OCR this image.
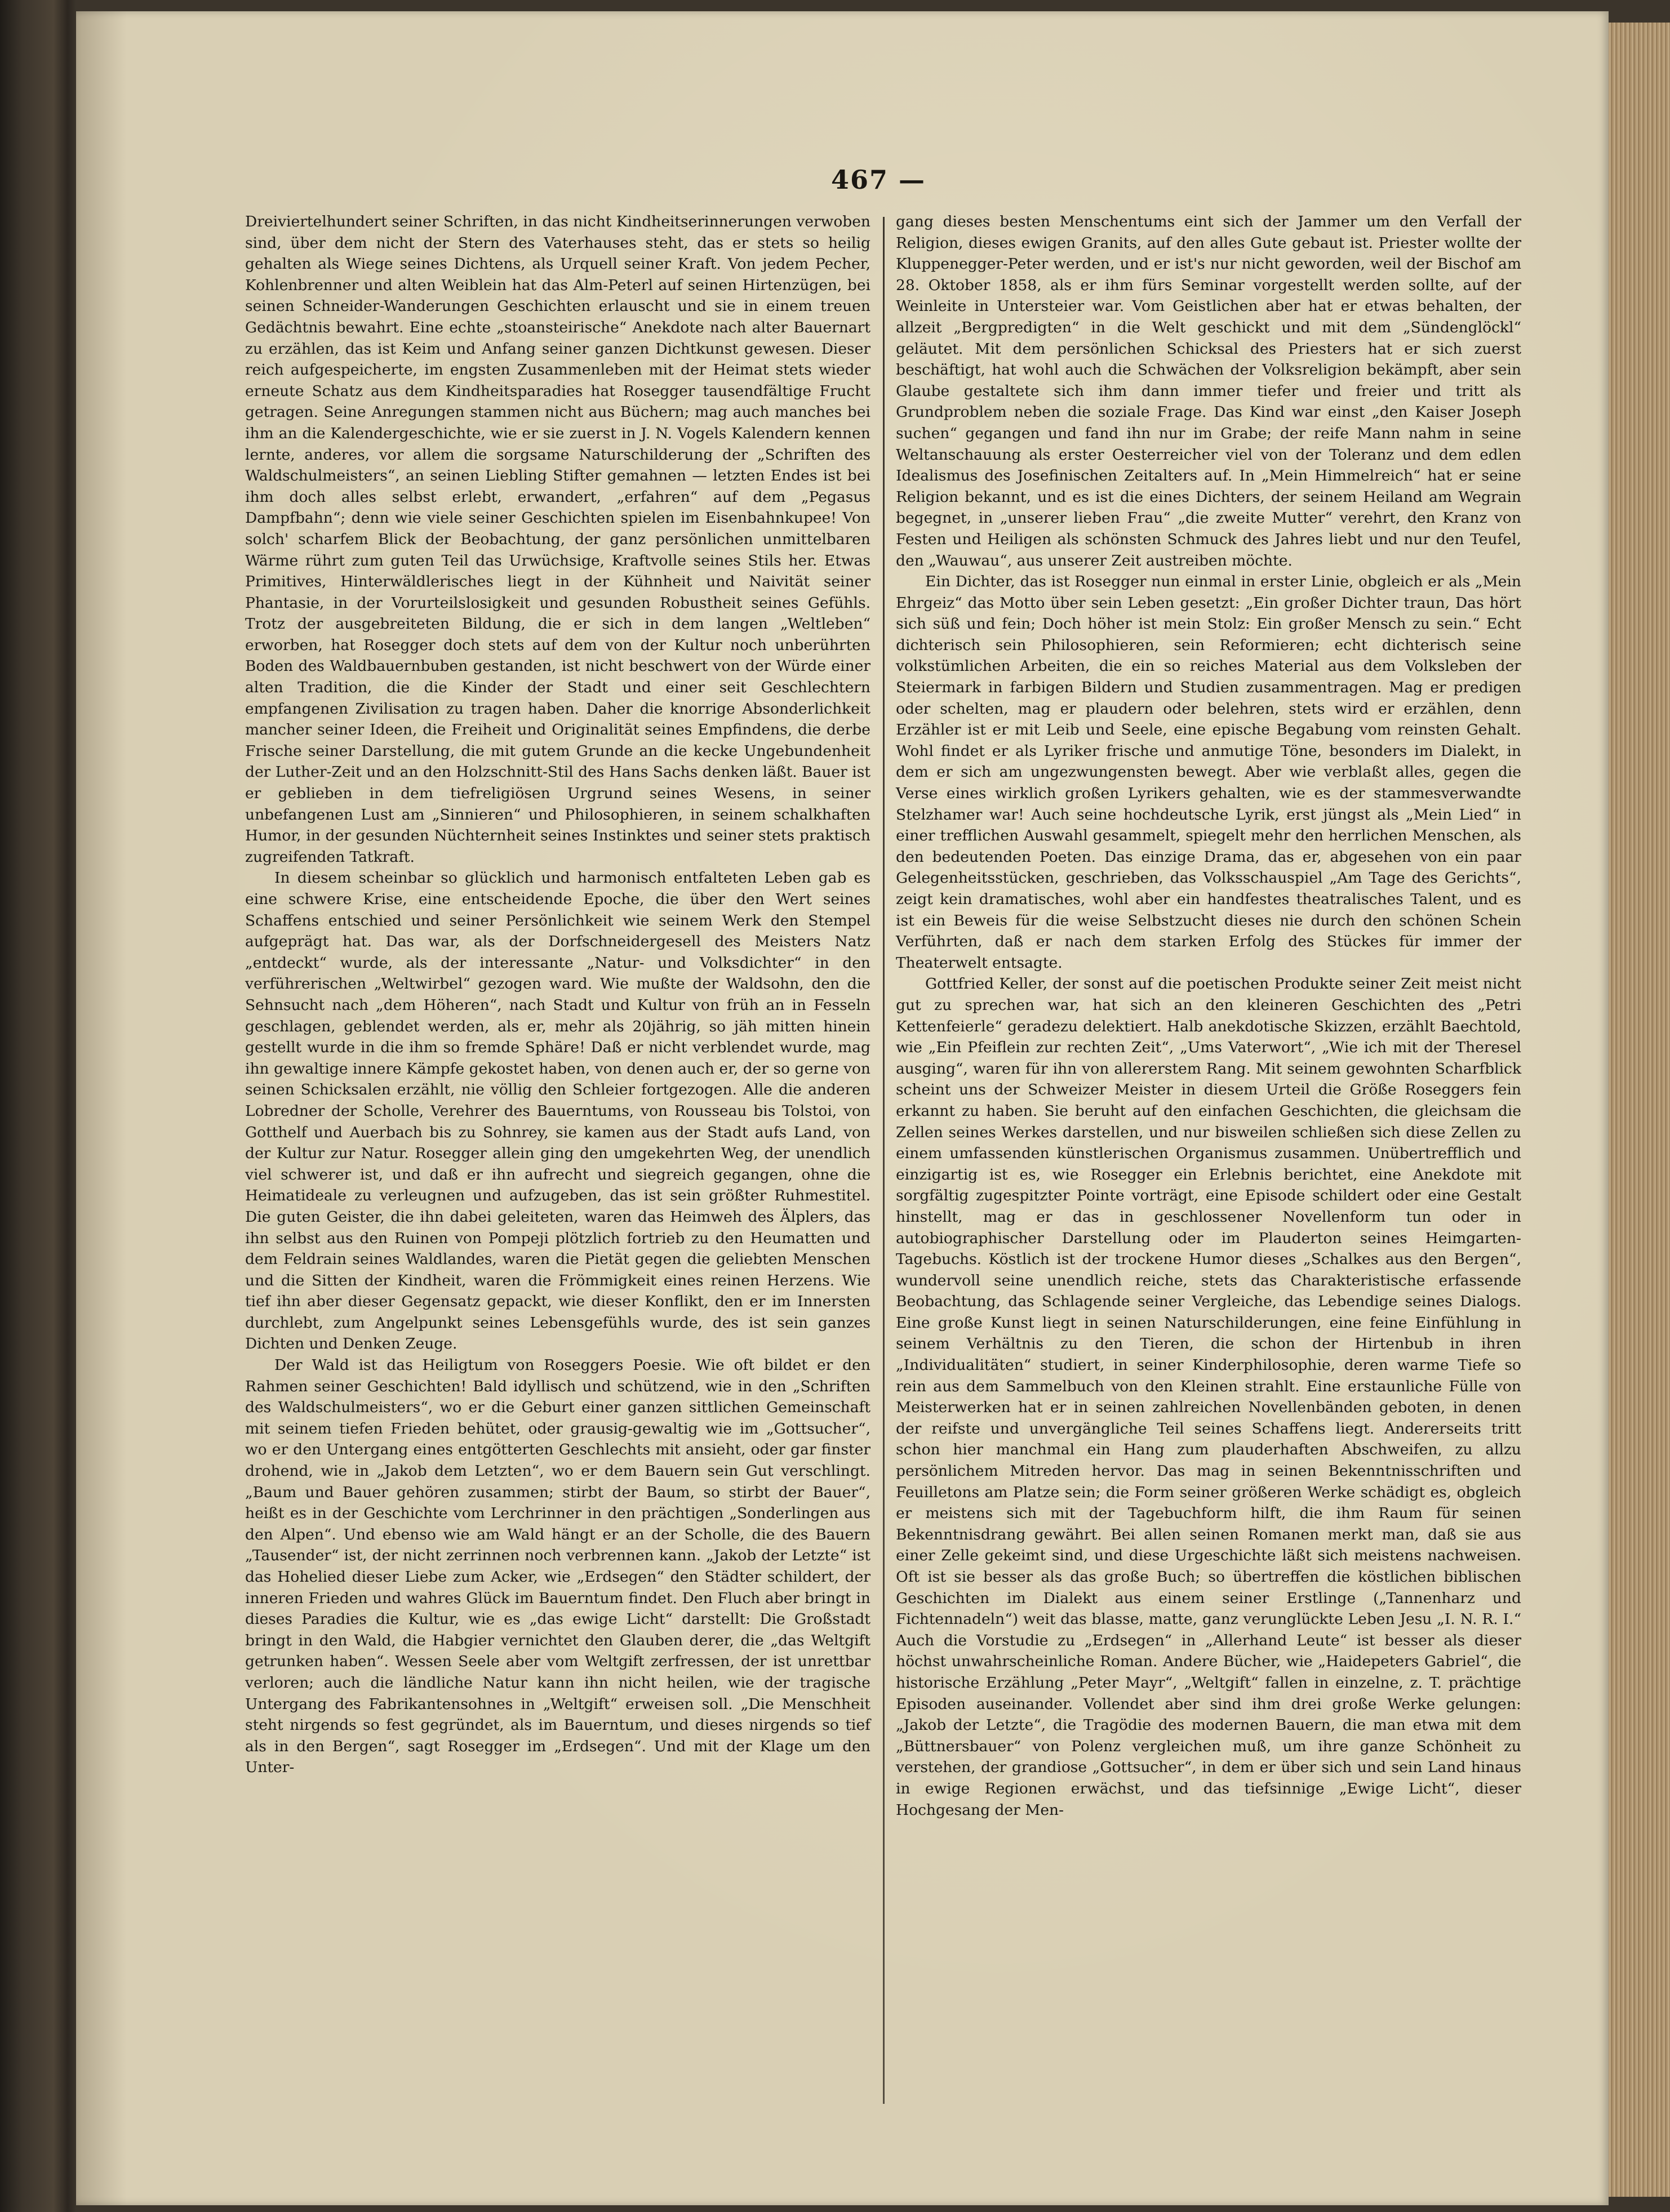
467 —

Dreiviertelhundert seiner Schriften, in das nicht Kindheitserinnerungen verwoben sind, über dem nicht der Stern des Vaterhauses steht, das er stets so heilig gehalten als Wiege seines Dichtens, als Urquell seiner Kraft. Von jedem Pecher, Kohlenbrenner und alten Weiblein hat das Alm-Peterl auf seinen Hirtenzügen, bei seinen Schneider-Wanderungen Geschichten erlauscht und sie in einem treuen Gedächtnis bewahrt. Eine echte „stoansteirische“ Anekdote nach alter Bauernart zu erzählen, das ist Keim und Anfang seiner ganzen Dichtkunst gewesen. Dieser reich aufgespeicherte, im engsten Zusammenleben mit der Heimat stets wieder erneute Schatz aus dem Kindheitsparadies hat Rosegger tausendfältige Frucht getragen. Seine Anregungen stammen nicht aus Büchern; mag auch manches bei ihm an die Kalendergeschichte, wie er sie zuerst in J. N. Vogels Kalendern kennen lernte, anderes, vor allem die sorgsame Naturschilderung der „Schriften des Waldschulmeisters“, an seinen Liebling Stifter gemahnen — letzten Endes ist bei ihm doch alles selbst erlebt, erwandert, „erfahren“ auf dem „Pegasus Dampfbahn“; denn wie viele seiner Geschichten spielen im Eisenbahnkupee! Von solch' scharfem Blick der Beobachtung, der ganz persönlichen unmittelbaren Wärme rührt zum guten Teil das Urwüchsige, Kraftvolle seines Stils her. Etwas Primitives, Hinterwäldlerisches liegt in der Kühnheit und Naivität seiner Phantasie, in der Vorurteilslosigkeit und gesunden Robustheit seines Gefühls. Trotz der ausgebreiteten Bildung, die er sich in dem langen „Weltleben“ erworben, hat Rosegger doch stets auf dem von der Kultur noch unberührten Boden des Waldbauernbuben gestanden, ist nicht beschwert von der Würde einer alten Tradition, die die Kinder der Stadt und einer seit Geschlechtern empfangenen Zivilisation zu tragen haben. Daher die knorrige Absonderlichkeit mancher seiner Ideen, die Freiheit und Originalität seines Empfindens, die derbe Frische seiner Darstellung, die mit gutem Grunde an die kecke Ungebundenheit der Luther-Zeit und an den Holzschnitt-Stil des Hans Sachs denken läßt. Bauer ist er geblieben in dem tiefreligiösen Urgrund seines Wesens, in seiner unbefangenen Lust am „Sinnieren“ und Philosophieren, in seinem schalkhaften Humor, in der gesunden Nüchternheit seines Instinktes und seiner stets praktisch zugreifenden Tatkraft.

In diesem scheinbar so glücklich und harmonisch entfalteten Leben gab es eine schwere Krise, eine entscheidende Epoche, die über den Wert seines Schaffens entschied und seiner Persönlichkeit wie seinem Werk den Stempel aufgeprägt hat. Das war, als der Dorfschneidergesell des Meisters Natz „entdeckt“ wurde, als der interessante „Natur- und Volksdichter“ in den verführerischen „Weltwirbel“ gezogen ward. Wie mußte der Waldsohn, den die Sehnsucht nach „dem Höheren“, nach Stadt und Kultur von früh an in Fesseln geschlagen, geblendet werden, als er, mehr als 20jährig, so jäh mitten hinein gestellt wurde in die ihm so fremde Sphäre! Daß er nicht verblendet wurde, mag ihn gewaltige innere Kämpfe gekostet haben, von denen auch er, der so gerne von seinen Schicksalen erzählt, nie völlig den Schleier fortgezogen. Alle die anderen Lobredner der Scholle, Verehrer des Bauerntums, von Rousseau bis Tolstoi, von Gotthelf und Auerbach bis zu Sohnrey, sie kamen aus der Stadt aufs Land, von der Kultur zur Natur. Rosegger allein ging den umgekehrten Weg, der unendlich viel schwerer ist, und daß er ihn aufrecht und siegreich gegangen, ohne die Heimatideale zu verleugnen und aufzugeben, das ist sein größter Ruhmestitel. Die guten Geister, die ihn dabei geleiteten, waren das Heimweh des Älplers, das ihn selbst aus den Ruinen von Pompeji plötzlich fortrieb zu den Heumatten und dem Feldrain seines Waldlandes, waren die Pietät gegen die geliebten Menschen und die Sitten der Kindheit, waren die Frömmigkeit eines reinen Herzens. Wie tief ihn aber dieser Gegensatz gepackt, wie dieser Konflikt, den er im Innersten durchlebt, zum Angelpunkt seines Lebensgefühls wurde, des ist sein ganzes Dichten und Denken Zeuge.

Der Wald ist das Heiligtum von Roseggers Poesie. Wie oft bildet er den Rahmen seiner Geschichten! Bald idyllisch und schützend, wie in den „Schriften des Waldschulmeisters“, wo er die Geburt einer ganzen sittlichen Gemeinschaft mit seinem tiefen Frieden behütet, oder grausig-gewaltig wie im „Gottsucher“, wo er den Untergang eines entgötterten Geschlechts mit ansieht, oder gar finster drohend, wie in „Jakob dem Letzten“, wo er dem Bauern sein Gut verschlingt. „Baum und Bauer gehören zusammen; stirbt der Baum, so stirbt der Bauer“, heißt es in der Geschichte vom Lerchrinner in den prächtigen „Sonderlingen aus den Alpen“. Und ebenso wie am Wald hängt er an der Scholle, die des Bauern „Tausender“ ist, der nicht zerrinnen noch verbrennen kann. „Jakob der Letzte“ ist das Hohelied dieser Liebe zum Acker, wie „Erdsegen“ den Städter schildert, der inneren Frieden und wahres Glück im Bauerntum findet. Den Fluch aber bringt in dieses Paradies die Kultur, wie es „das ewige Licht“ darstellt: Die Großstadt bringt in den Wald, die Habgier vernichtet den Glauben derer, die „das Weltgift getrunken haben“. Wessen Seele aber vom Weltgift zerfressen, der ist unrettbar verloren; auch die ländliche Natur kann ihn nicht heilen, wie der tragische Untergang des Fabrikantensohnes in „Weltgift“ erweisen soll. „Die Menschheit steht nirgends so fest gegründet, als im Bauerntum, und dieses nirgends so tief als in den Bergen“, sagt Rosegger im „Erdsegen“. Und mit der Klage um den Unter-

gang dieses besten Menschentums eint sich der Jammer um den Verfall der Religion, dieses ewigen Granits, auf den alles Gute gebaut ist. Priester wollte der Kluppenegger-Peter werden, und er ist's nur nicht geworden, weil der Bischof am 28. Oktober 1858, als er ihm fürs Seminar vorgestellt werden sollte, auf der Weinleite in Unterstеier war. Vom Geistlichen aber hat er etwas behalten, der allzeit „Bergpredigten“ in die Welt geschickt und mit dem „Sündenglöckl“ geläutet. Mit dem persönlichen Schicksal des Priesters hat er sich zuerst beschäftigt, hat wohl auch die Schwächen der Volksreligion bekämpft, aber sein Glaube gestaltete sich ihm dann immer tiefer und freier und tritt als Grundproblem neben die soziale Frage. Das Kind war einst „den Kaiser Joseph suchen“ gegangen und fand ihn nur im Grabe; der reife Mann nahm in seine Weltanschauung als erster Oesterreicher viel von der Toleranz und dem edlen Idealismus des Josefinischen Zeitalters auf. In „Mein Himmelreich“ hat er seine Religion bekannt, und es ist die eines Dichters, der seinem Heiland am Wegrain begegnet, in „unserer lieben Frau“ „die zweite Mutter“ verehrt, den Kranz von Festen und Heiligen als schönsten Schmuck des Jahres liebt und nur den Teufel, den „Wauwau“, aus unserer Zeit austreiben möchte.

Ein Dichter, das ist Rosegger nun einmal in erster Linie, obgleich er als „Mein Ehrgeiz“ das Motto über sein Leben gesetzt: „Ein großer Dichter traun, Das hört sich süß und fein; Doch höher ist mein Stolz: Ein großer Mensch zu sein.“ Echt dichterisch sein Philosophieren, sein Reformieren; echt dichterisch seine volkstümlichen Arbeiten, die ein so reiches Material aus dem Volksleben der Steiermark in farbigen Bildern und Studien zusammentragen. Mag er predigen oder schelten, mag er plaudern oder belehren, stets wird er erzählen, denn Erzähler ist er mit Leib und Seele, eine epische Begabung vom reinsten Gehalt. Wohl findet er als Lyriker frische und anmutige Töne, besonders im Dialekt, in dem er sich am ungezwungensten bewegt. Aber wie verblaßt alles, gegen die Verse eines wirklich großen Lyrikers gehalten, wie es der stammesverwandte Stelzhamer war! Auch seine hochdeutsche Lyrik, erst jüngst als „Mein Lied“ in einer trefflichen Auswahl gesammelt, spiegelt mehr den herrlichen Menschen, als den bedeutenden Poeten. Das einzige Drama, das er, abgesehen von ein paar Gelegenheitsstücken, geschrieben, das Volksschauspiel „Am Tage des Gerichts“, zeigt kein dramatisches, wohl aber ein handfestes theatralisches Talent, und es ist ein Beweis für die weise Selbstzucht dieses nie durch den schönen Schein Verführten, daß er nach dem starken Erfolg des Stückes für immer der Theaterwelt entsagte.

Gottfried Keller, der sonst auf die poetischen Produkte seiner Zeit meist nicht gut zu sprechen war, hat sich an den kleineren Geschichten des „Petri Kettenfeierle“ geradezu delektiert. Halb anekdotische Skizzen, erzählt Baechtold, wie „Ein Pfeiflein zur rechten Zeit“, „Ums Vaterwort“, „Wie ich mit der Theresel ausging“, waren für ihn von allererstem Rang. Mit seinem gewohnten Scharfblick scheint uns der Schweizer Meister in diesem Urteil die Größe Roseggers fein erkannt zu haben. Sie beruht auf den einfachen Geschichten, die gleichsam die Zellen seines Werkes darstellen, und nur bisweilen schließen sich diese Zellen zu einem umfassenden künstlerischen Organismus zusammen. Unübertrefflich und einzigartig ist es, wie Rosegger ein Erlebnis berichtet, eine Anekdote mit sorgfältig zugespitzter Pointe vorträgt, eine Episode schildert oder eine Gestalt hinstellt, mag er das in geschlossener Novellenform tun oder in autobiographischer Darstellung oder im Plauderton seines Heimgarten-Tagebuchs. Köstlich ist der trockene Humor dieses „Schalkes aus den Bergen“, wundervoll seine unendlich reiche, stets das Charakteristische erfassende Beobachtung, das Schlagende seiner Vergleiche, das Lebendige seines Dialogs. Eine große Kunst liegt in seinen Naturschilderungen, eine feine Einfühlung in seinem Verhältnis zu den Tieren, die schon der Hirtenbub in ihren „Individualitäten“ studiert, in seiner Kinderphilosophie, deren warme Tiefe so rein aus dem Sammelbuch von den Kleinen strahlt. Eine erstaunliche Fülle von Meisterwerken hat er in seinen zahlreichen Novellenbänden geboten, in denen der reifste und unvergängliche Teil seines Schaffens liegt. Andererseits tritt schon hier manchmal ein Hang zum plauderhaften Abschweifen, zu allzu persönlichem Mitreden hervor. Das mag in seinen Bekenntnisschriften und Feuilletons am Platze sein; die Form seiner größeren Werke schädigt es, obgleich er meistens sich mit der Tagebuchform hilft, die ihm Raum für seinen Bekenntnisdrang gewährt. Bei allen seinen Romanen merkt man, daß sie aus einer Zelle gekeimt sind, und diese Urgeschichte läßt sich meistens nachweisen. Oft ist sie besser als das große Buch; so übertreffen die köstlichen biblischen Geschichten im Dialekt aus einem seiner Erstlinge („Tannenharz und Fichtennadeln“) weit das blasse, matte, ganz verunglückte Leben Jesu „I. N. R. I.“ Auch die Vorstudie zu „Erdsegen“ in „Allerhand Leute“ ist besser als dieser höchst unwahrscheinliche Roman. Andere Bücher, wie „Haidepeters Gabriel“, die historische Erzählung „Peter Mayr“, „Weltgift“ fallen in einzelne, z. T. prächtige Episoden auseinander. Vollendet aber sind ihm drei große Werke gelungen: „Jakob der Letzte“, die Tragödie des modernen Bauern, die man etwa mit dem „Büttnersbauer“ von Polenz vergleichen muß, um ihre ganze Schönheit zu verstehen, der grandiose „Gottsucher“, in dem er über sich und sein Land hinaus in ewige Regionen erwächst, und das tiefsinnige „Ewige Licht“, dieser Hochgesang der Men-
